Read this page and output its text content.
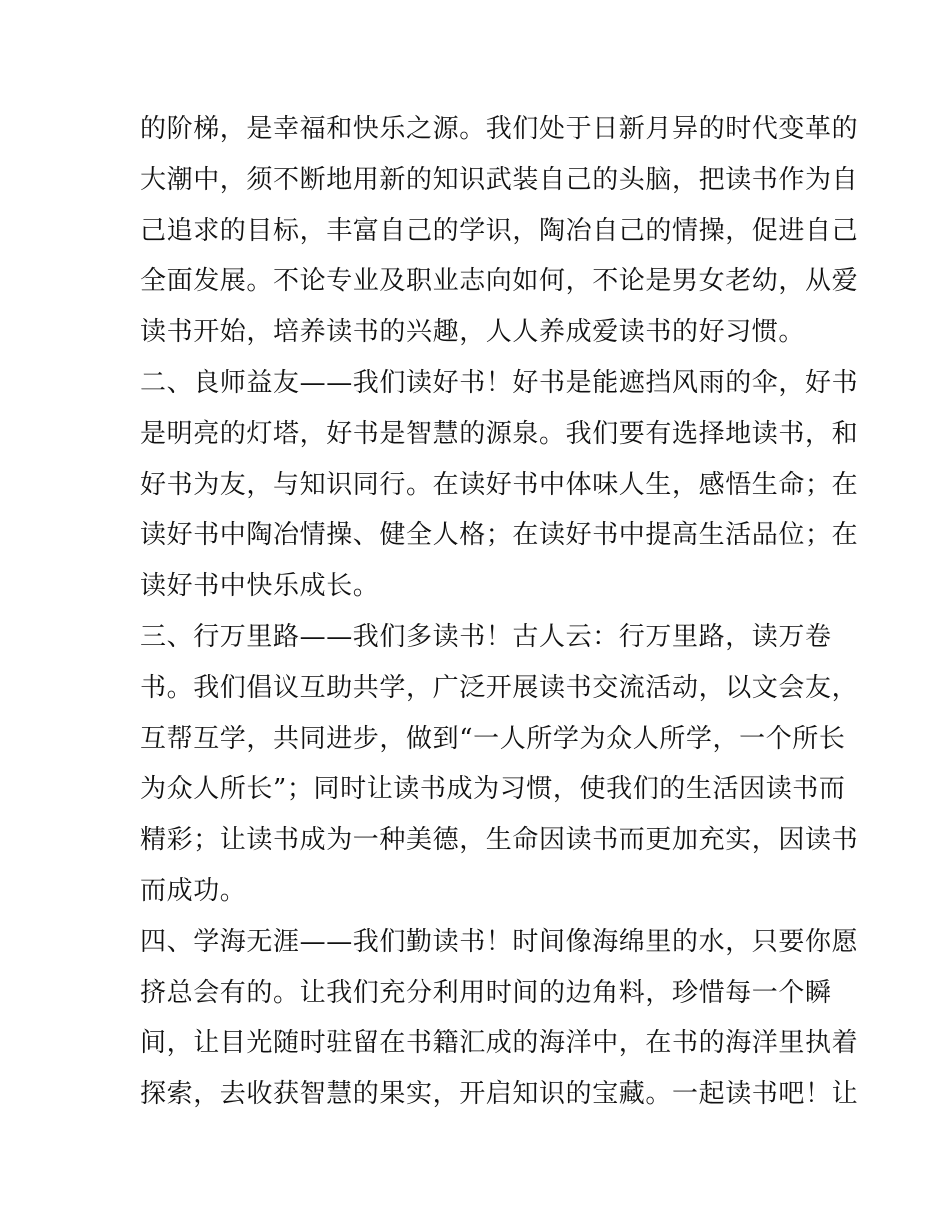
的阶梯，是幸福和快乐之源。我们处于日新月异的时代变革的
大潮中，须不断地用新的知识武装自己的头脑，把读书作为自
己追求的目标，丰富自己的学识，陶冶自己的情操，促进自己
全面发展。不论专业及职业志向如何，不论是男女老幼，从爱
读书开始，培养读书的兴趣，人人养成爱读书的好习惯。
二、良师益友——我们读好书！好书是能遮挡风雨的伞，好书
是明亮的灯塔，好书是智慧的源泉。我们要有选择地读书，和
好书为友，与知识同行。在读好书中体味人生，感悟生命；在
读好书中陶冶情操、健全人格；在读好书中提高生活品位；在
读好书中快乐成长。
三、行万里路——我们多读书！古人云：行万里路，读万卷
书。我们倡议互助共学，广泛开展读书交流活动，以文会友，
互帮互学，共同进步，做到“一人所学为众人所学，一个所长
为众人所长”；同时让读书成为习惯，使我们的生活因读书而
精彩；让读书成为一种美德，生命因读书而更加充实，因读书
而成功。
四、学海无涯——我们勤读书！时间像海绵里的水，只要你愿
挤总会有的。让我们充分利用时间的边角料，珍惜每一个瞬
间，让目光随时驻留在书籍汇成的海洋中，在书的海洋里执着
探索，去收获智慧的果实，开启知识的宝藏。一起读书吧！让
